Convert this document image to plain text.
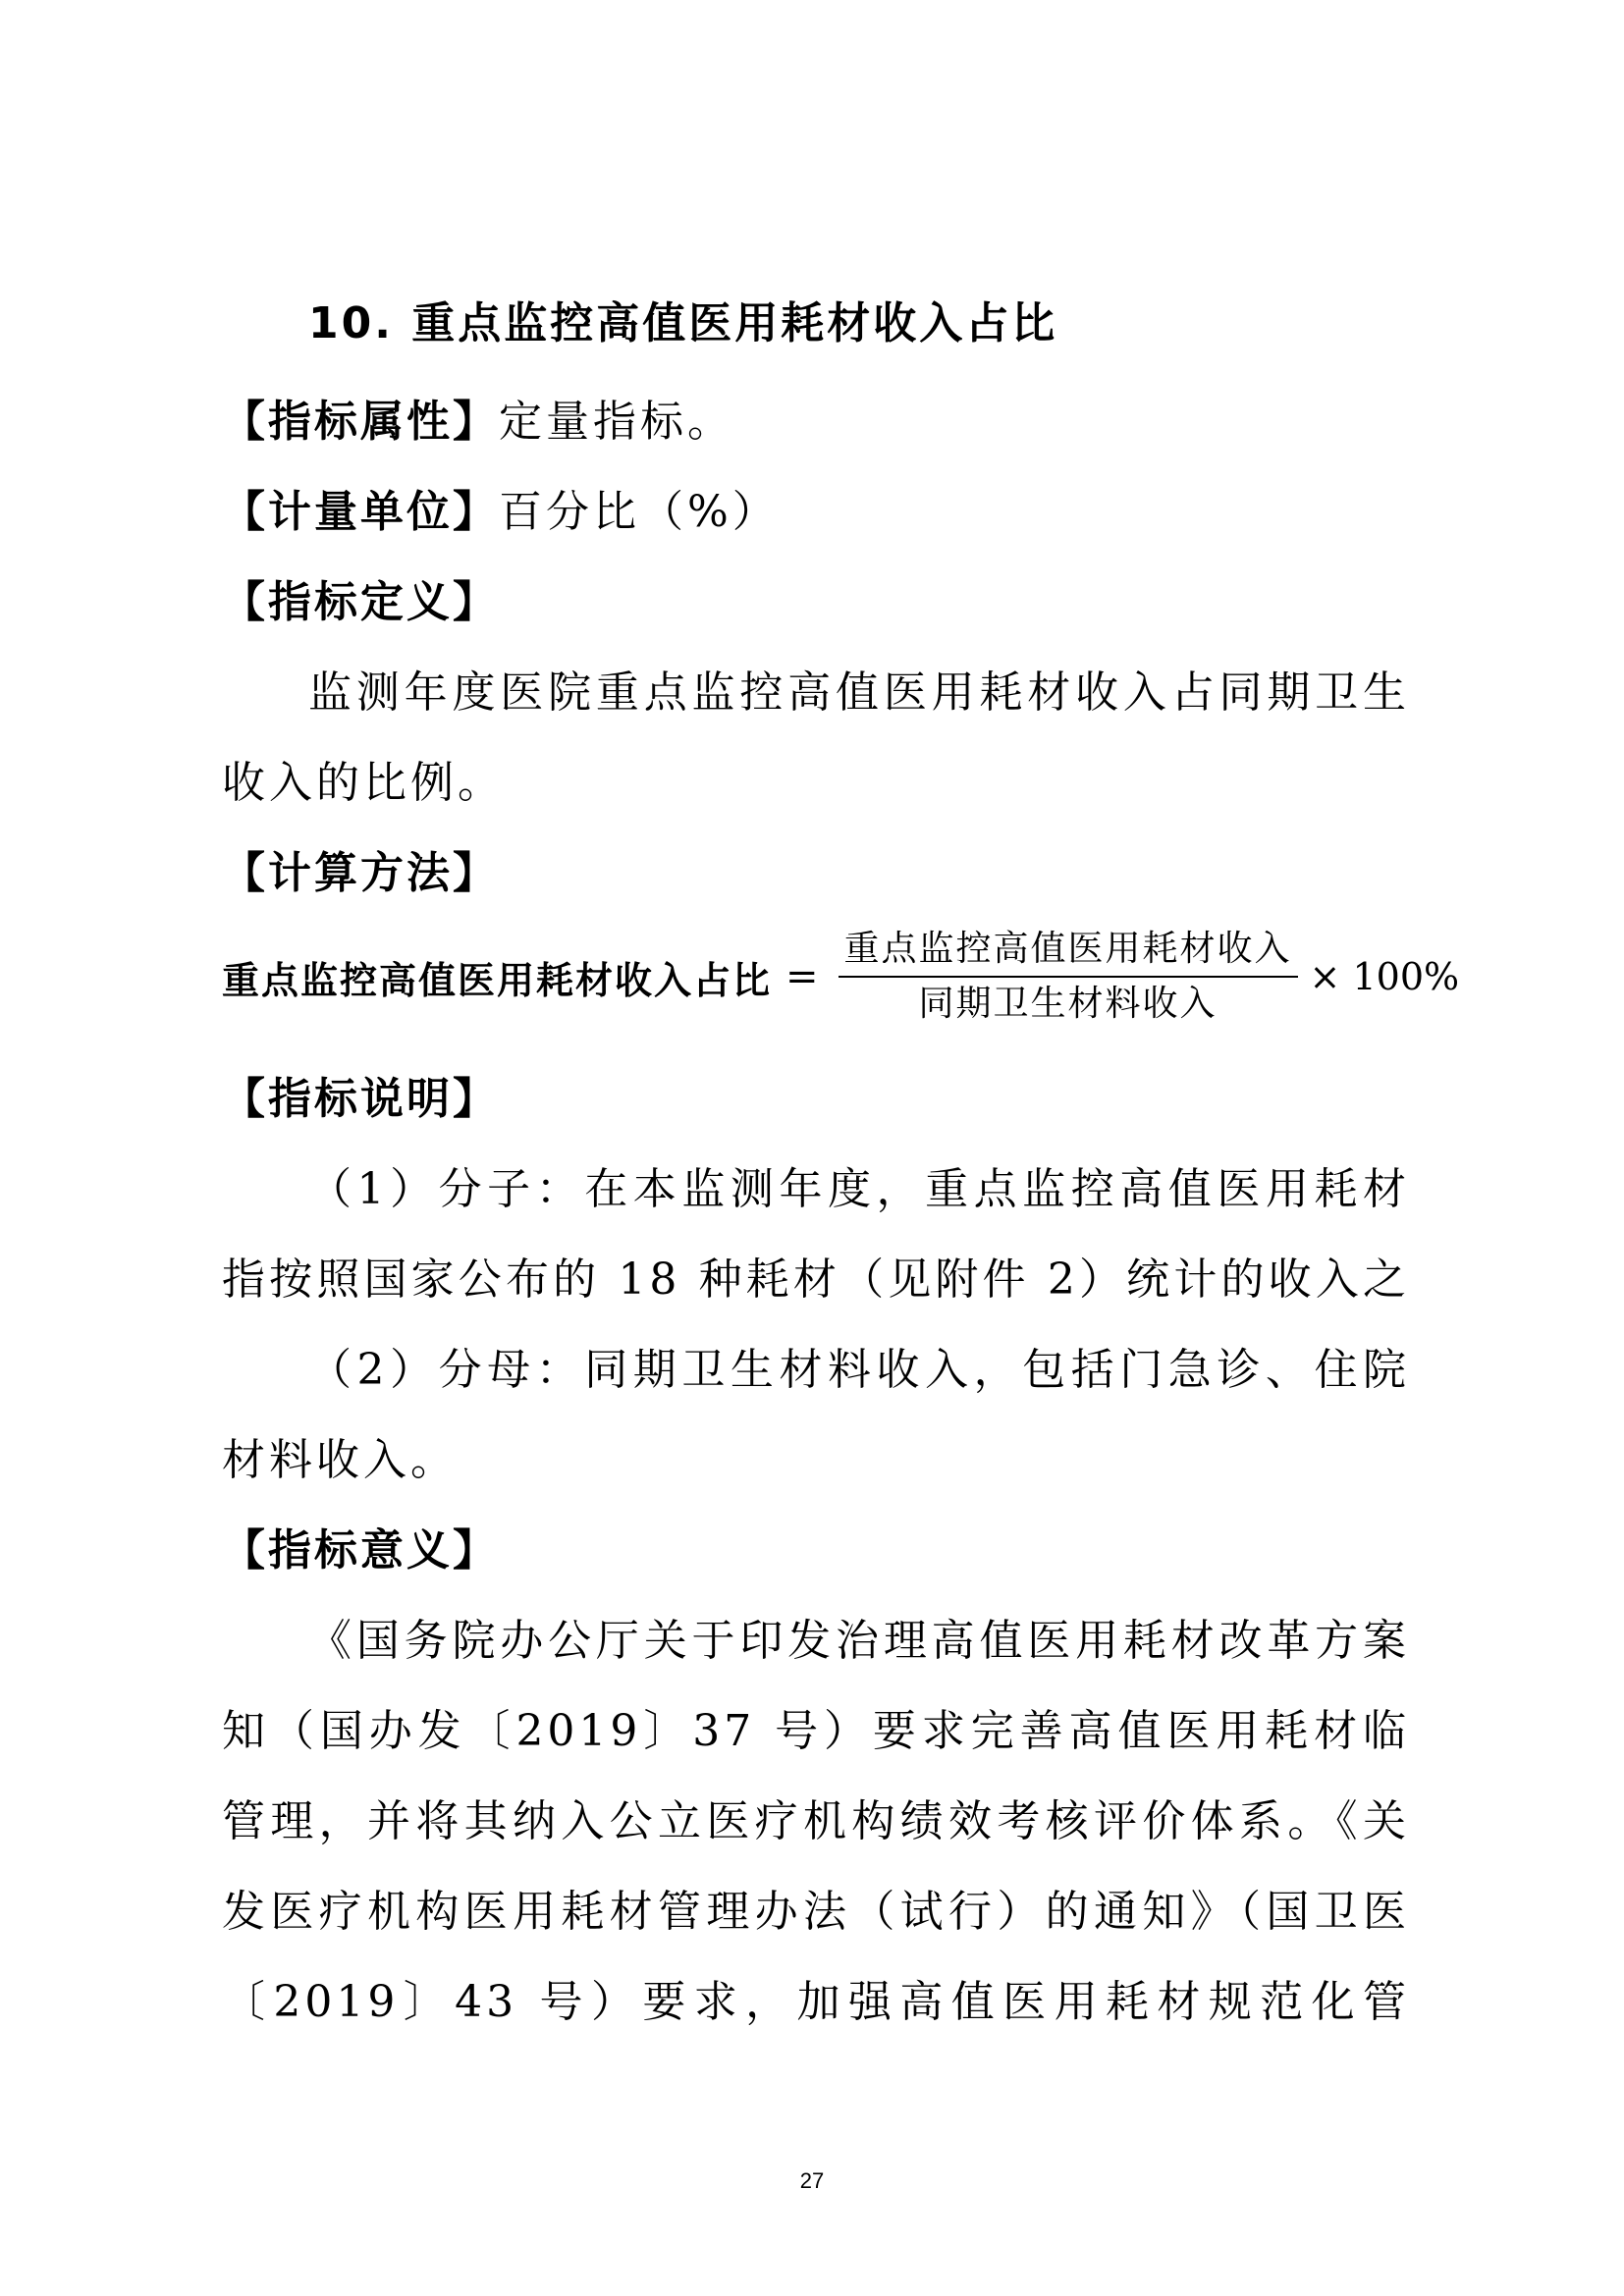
10. 重点监控高值医用耗材收入占比
【指标属性】定量指标。
【计量单位】百分比（%）
【指标定义】
监测年度医院重点监控高值医用耗材收入占同期卫生
收入的比例。
【计算方法】
重点监控高值医用耗材收入占比 = $\frac{\text{重点监控高值医用耗材收入}}{\text{同期卫生材料收入}} \times 100\%$
【指标说明】
（1）分子：在本监测年度，重点监控高值医用耗材
指按照国家公布的 18 种耗材（见附件 2）统计的收入之
（2）分母：同期卫生材料收入，包括门急诊、住院
材料收入。
【指标意义】
《国务院办公厅关于印发治理高值医用耗材改革方案
知（国办发〔2019〕37 号）要求完善高值医用耗材临
管理，并将其纳入公立医疗机构绩效考核评价体系。《关
发医疗机构医用耗材管理办法（试行）的通知》（国卫医
〔2019〕43 号）要求，加强高值医用耗材规范化管
27
